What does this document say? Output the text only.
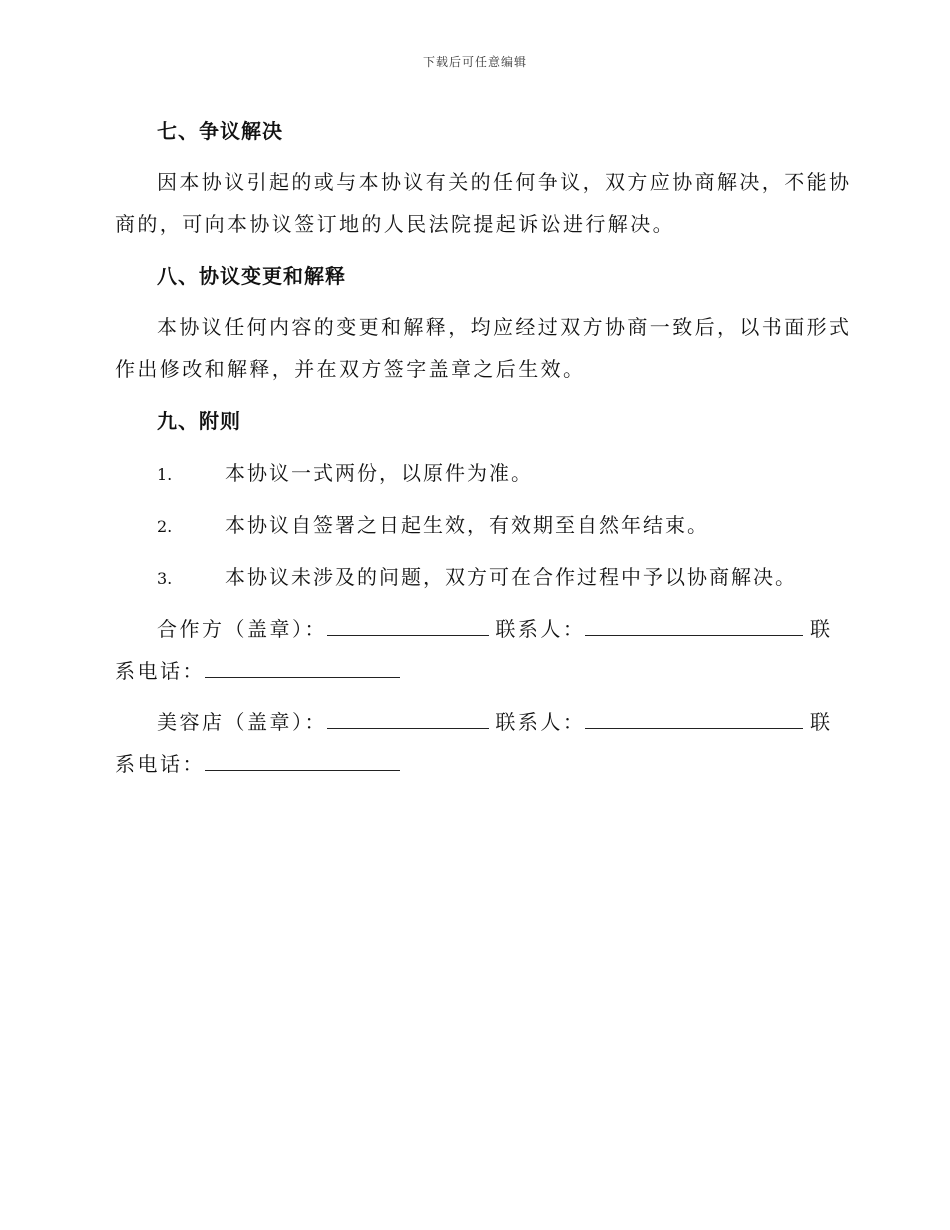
下载后可任意编辑
七、争议解决
因本协议引起的或与本协议有关的任何争议，双方应协商解决，不能协
商的，可向本协议签订地的人民法院提起诉讼进行解决。
八、协议变更和解释
本协议任何内容的变更和解释，均应经过双方协商一致后，以书面形式
作出修改和解释，并在双方签字盖章之后生效。
九、附则
1.	本协议一式两份，以原件为准。
2.	本协议自签署之日起生效，有效期至自然年结束。
3.	本协议未涉及的问题，双方可在合作过程中予以协商解决。
合作方（盖章）：	联系人：	联
系电话：
美容店（盖章）：	联系人：	联
系电话：
